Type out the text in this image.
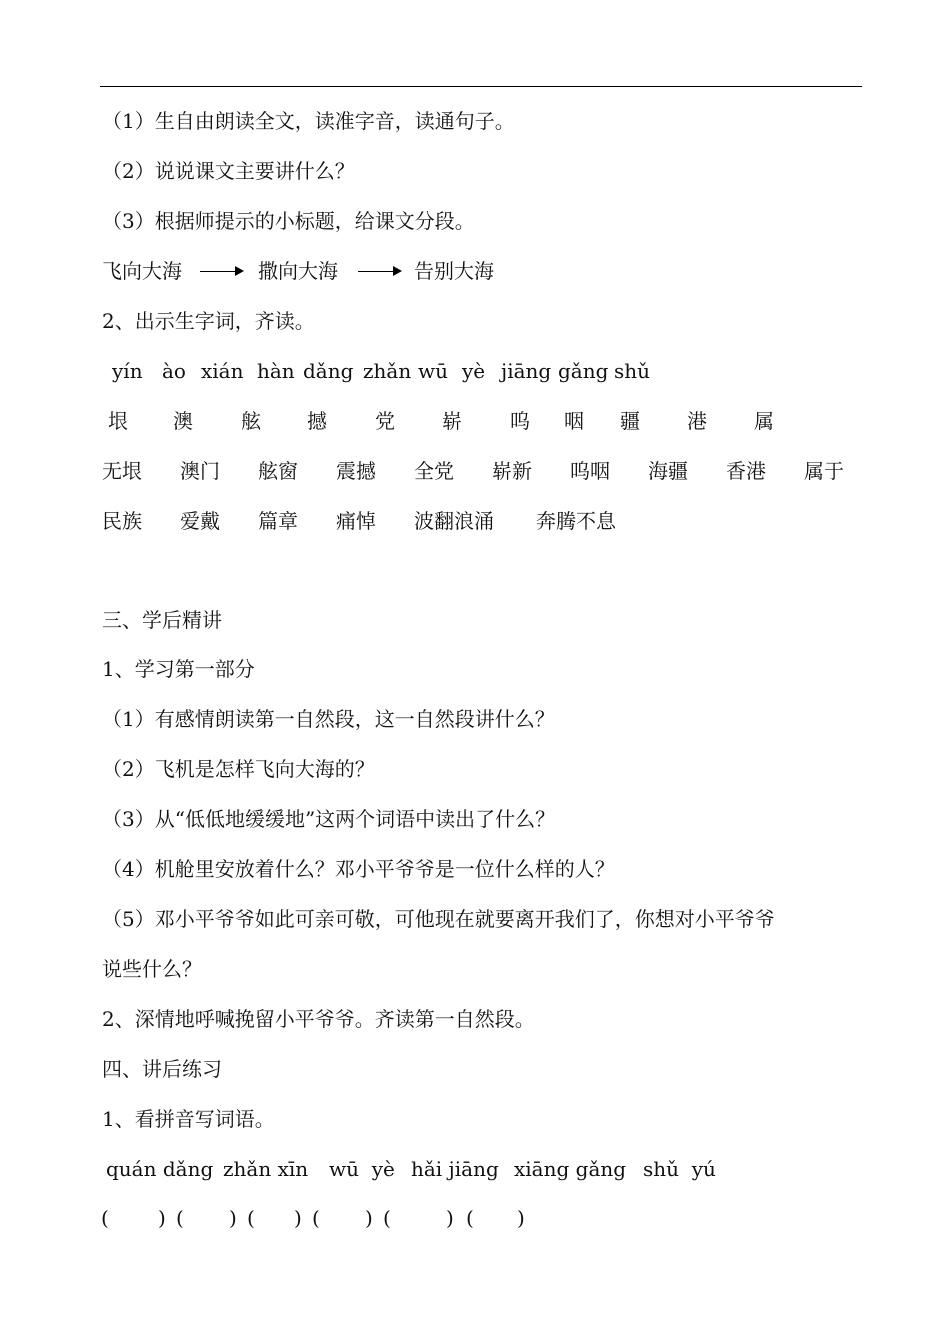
（1）生自由朗读全文，读准字音，读通句子。
（2）说说课文主要讲什么？
（3）根据师提示的小标题，给课文分段。
飞向大海	撒向大海	告别大海
2、出示生字词，齐读。
yín ào xián hàn dǎng zhǎn wū yè jiāng gǎng shǔ
垠 澳 舷 撼 党 崭 呜 咽 疆 港 属
无垠 澳门 舷窗 震撼 全党 崭新 呜咽 海疆 香港 属于
民族 爱戴 篇章 痛悼 波翻浪涌 奔腾不息
三、学后精讲
1、学习第一部分
（1）有感情朗读第一自然段，这一自然段讲什么？
（2）飞机是怎样飞向大海的？
（3）从“低低地缓缓地”这两个词语中读出了什么？
（4）机舱里安放着什么？邓小平爷爷是一位什么样的人？
（5）邓小平爷爷如此可亲可敬，可他现在就要离开我们了，你想对小平爷爷
说些什么？
2、深情地呼喊挽留小平爷爷。齐读第一自然段。
四、讲后练习
1、看拼音写词语。
quán dǎng zhǎn xīn wū  yè hǎi jiāng xiāng gǎng shǔ  yú
( ) ( ) ( ) ( ) (	) ( )
